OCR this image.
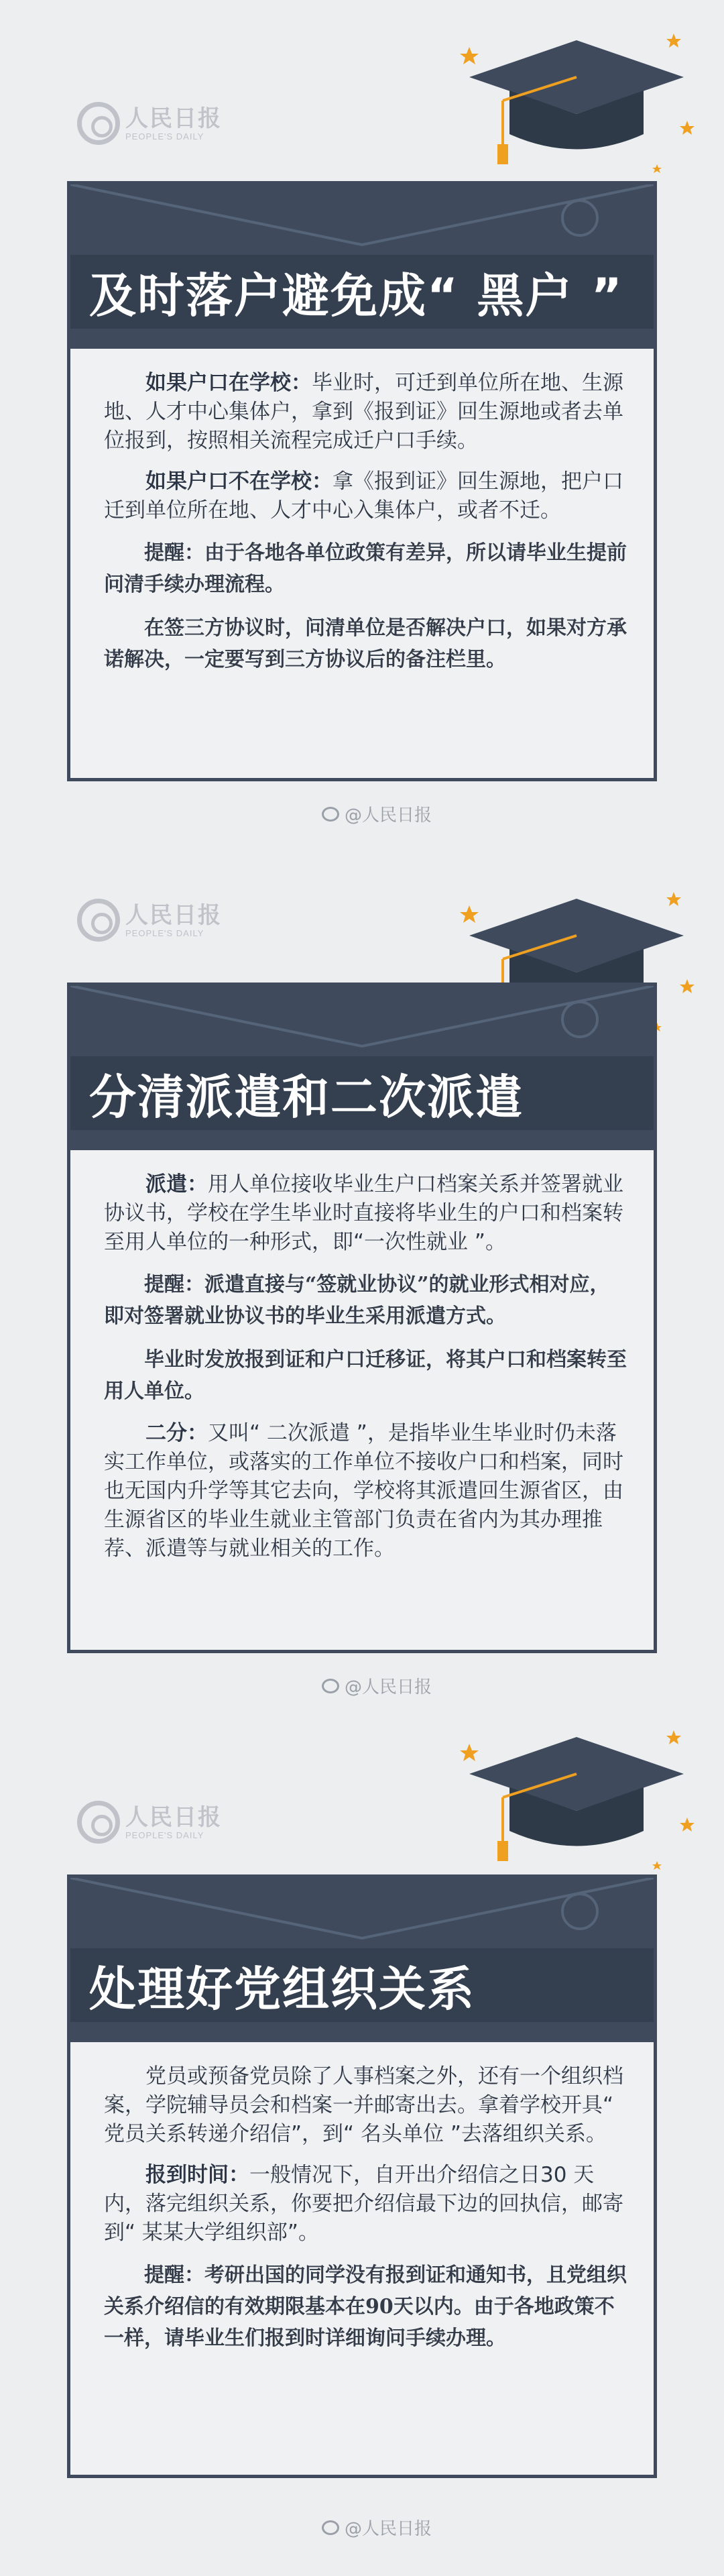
人民日报
PEOPLE'S DAILY
及时落户避免成“ 黑户 ”

如果户口在学校：毕业时，可迁到单位所在地、生源地、人才中心集体户，拿到《报到证》回生源地或者去单位报到，按照相关流程完成迁户口手续。

如果户口不在学校：拿《报到证》回生源地，把户口迁到单位所在地、人才中心入集体户，或者不迁。

提醒：由于各地各单位政策有差异，所以请毕业生提前问清手续办理流程。

在签三方协议时，问清单位是否解决户口，如果对方承诺解决，一定要写到三方协议后的备注栏里。

@人民日报
人民日报
PEOPLE'S DAILY
分清派遣和二次派遣

派遣：用人单位接收毕业生户口档案关系并签署就业协议书，学校在学生毕业时直接将毕业生的户口和档案转至用人单位的一种形式，即“一次性就业 ”。

提醒：派遣直接与“签就业协议”的就业形式相对应，即对签署就业协议书的毕业生采用派遣方式。

毕业时发放报到证和户口迁移证，将其户口和档案转至用人单位。

二分：又叫“ 二次派遣 ”，是指毕业生毕业时仍未落实工作单位，或落实的工作单位不接收户口和档案，同时也无国内升学等其它去向，学校将其派遣回生源省区，由生源省区的毕业生就业主管部门负责在省内为其办理推荐、派遣等与就业相关的工作。

@人民日报
人民日报
PEOPLE'S DAILY
处理好党组织关系

党员或预备党员除了人事档案之外，还有一个组织档案，学院辅导员会和档案一并邮寄出去。拿着学校开具“ 党员关系转递介绍信”，到“ 名头单位 ”去落组织关系。

报到时间：一般情况下，自开出介绍信之日30 天内，落完组织关系，你要把介绍信最下边的回执信，邮寄到“ 某某大学组织部”。

提醒：考研出国的同学没有报到证和通知书，且党组织关系介绍信的有效期限基本在90天以内。由于各地政策不一样，请毕业生们报到时详细询问手续办理。

@人民日报
